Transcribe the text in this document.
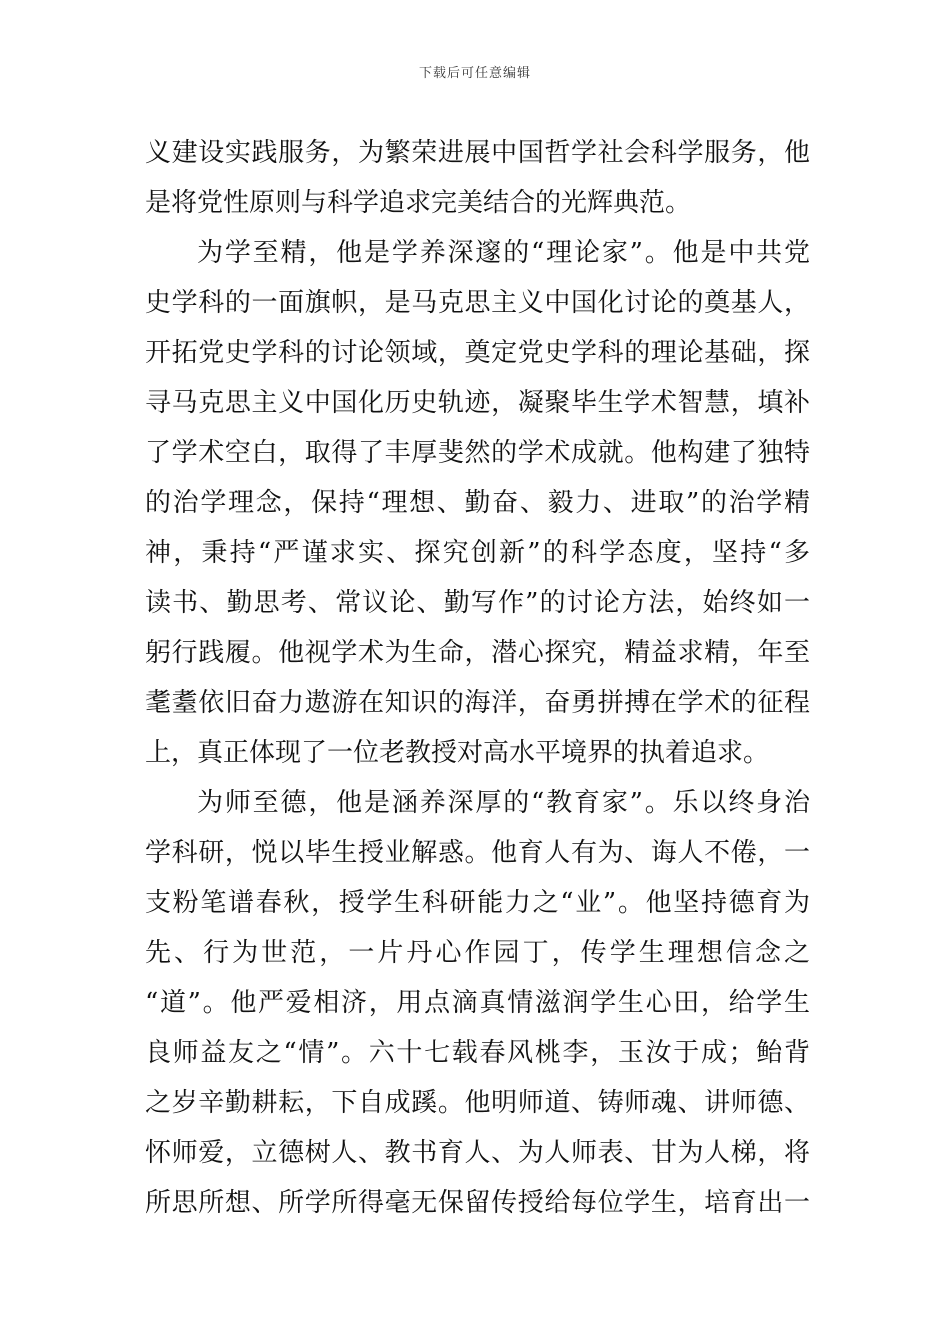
下载后可任意编辑
义建设实践服务，为繁荣进展中国哲学社会科学服务，他
是将党性原则与科学追求完美结合的光辉典范。
为学至精，他是学养深邃的“理论家”。他是中共党
史学科的一面旗帜，是马克思主义中国化讨论的奠基人，
开拓党史学科的讨论领域，奠定党史学科的理论基础，探
寻马克思主义中国化历史轨迹，凝聚毕生学术智慧，填补
了学术空白，取得了丰厚斐然的学术成就。他构建了独特
的治学理念，保持“理想、勤奋、毅力、进取”的治学精
神，秉持“严谨求实、探究创新”的科学态度，坚持“多
读书、勤思考、常议论、勤写作”的讨论方法，始终如一
躬行践履。他视学术为生命，潜心探究，精益求精，年至
耄耋依旧奋力遨游在知识的海洋，奋勇拼搏在学术的征程
上，真正体现了一位老教授对高水平境界的执着追求。
为师至德，他是涵养深厚的“教育家”。乐以终身治
学科研，悦以毕生授业解惑。他育人有为、诲人不倦，一
支粉笔谱春秋，授学生科研能力之“业”。他坚持德育为
先、行为世范，一片丹心作园丁，传学生理想信念之
“道”。他严爱相济，用点滴真情滋润学生心田，给学生
良师益友之“情”。六十七载春风桃李，玉汝于成；鲐背
之岁辛勤耕耘，下自成蹊。他明师道、铸师魂、讲师德、
怀师爱，立德树人、教书育人、为人师表、甘为人梯，将
所思所想、所学所得毫无保留传授给每位学生，培育出一
